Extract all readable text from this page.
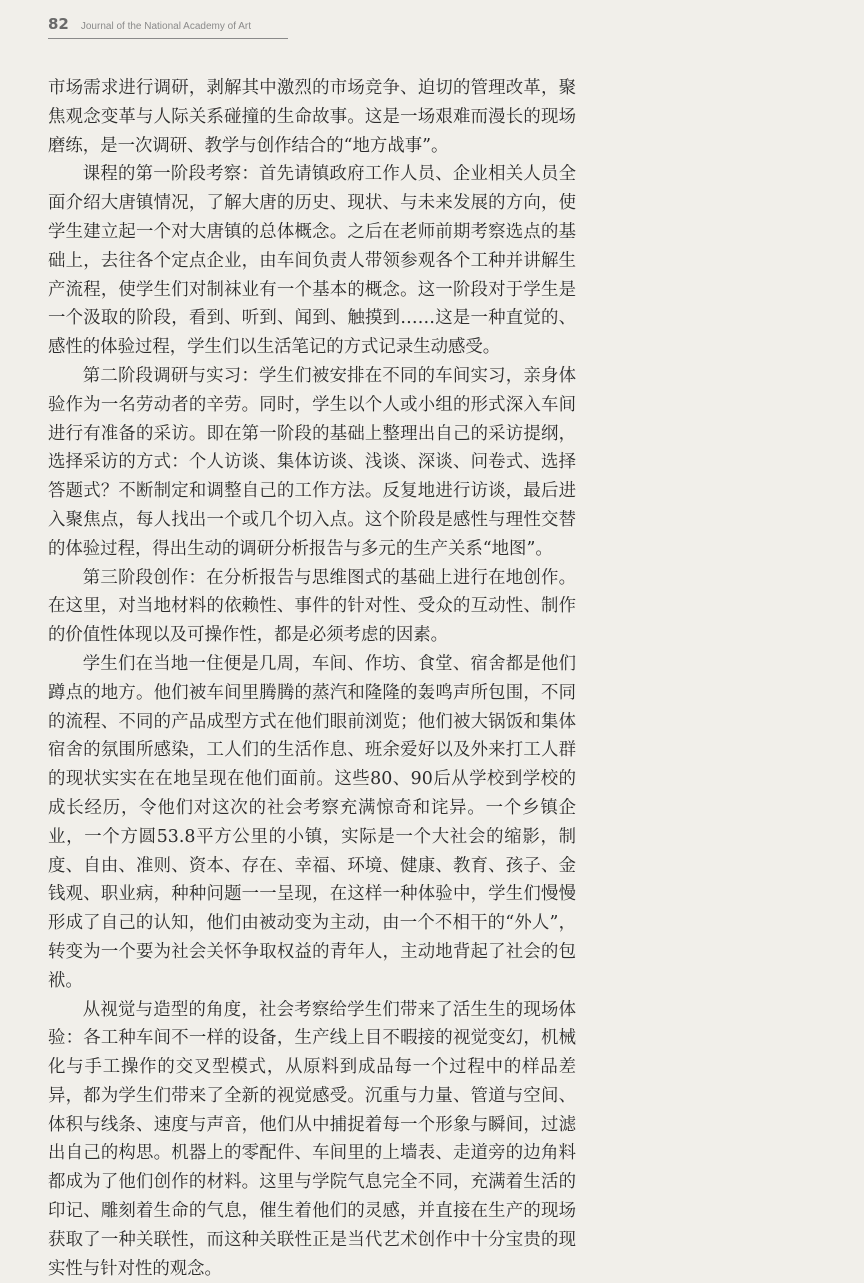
82 Journal of the National Academy of Art

市场需求进行调研，剥解其中激烈的市场竞争、迫切的管理改革，聚焦观念变革与人际关系碰撞的生命故事。这是一场艰难而漫长的现场磨练，是一次调研、教学与创作结合的“地方战事”。

课程的第一阶段考察：首先请镇政府工作人员、企业相关人员全面介绍大唐镇情况，了解大唐的历史、现状、与未来发展的方向，使学生建立起一个对大唐镇的总体概念。之后在老师前期考察选点的基础上，去往各个定点企业，由车间负责人带领参观各个工种并讲解生产流程，使学生们对制袜业有一个基本的概念。这一阶段对于学生是一个汲取的阶段，看到、听到、闻到、触摸到……这是一种直觉的、感性的体验过程，学生们以生活笔记的方式记录生动感受。

第二阶段调研与实习：学生们被安排在不同的车间实习，亲身体验作为一名劳动者的辛劳。同时，学生以个人或小组的形式深入车间进行有准备的采访。即在第一阶段的基础上整理出自己的采访提纲，选择采访的方式：个人访谈、集体访谈、浅谈、深谈、问卷式、选择答题式？不断制定和调整自己的工作方法。反复地进行访谈，最后进入聚焦点，每人找出一个或几个切入点。这个阶段是感性与理性交替的体验过程，得出生动的调研分析报告与多元的生产关系“地图”。

第三阶段创作：在分析报告与思维图式的基础上进行在地创作。在这里，对当地材料的依赖性、事件的针对性、受众的互动性、制作的价值性体现以及可操作性，都是必须考虑的因素。

学生们在当地一住便是几周，车间、作坊、食堂、宿舍都是他们蹲点的地方。他们被车间里腾腾的蒸汽和隆隆的轰鸣声所包围，不同的流程、不同的产品成型方式在他们眼前浏览；他们被大锅饭和集体宿舍的氛围所感染，工人们的生活作息、班余爱好以及外来打工人群的现状实实在在地呈现在他们面前。这些80、90后从学校到学校的成长经历，令他们对这次的社会考察充满惊奇和诧异。一个乡镇企业，一个方圆53.8平方公里的小镇，实际是一个大社会的缩影，制度、自由、准则、资本、存在、幸福、环境、健康、教育、孩子、金钱观、职业病，种种问题一一呈现，在这样一种体验中，学生们慢慢形成了自己的认知，他们由被动变为主动，由一个不相干的“外人”，转变为一个要为社会关怀争取权益的青年人，主动地背起了社会的包袱。

从视觉与造型的角度，社会考察给学生们带来了活生生的现场体验：各工种车间不一样的设备，生产线上目不暇接的视觉变幻，机械化与手工操作的交叉型模式，从原料到成品每一个过程中的样品差异，都为学生们带来了全新的视觉感受。沉重与力量、管道与空间、体积与线条、速度与声音，他们从中捕捉着每一个形象与瞬间，过滤出自己的构思。机器上的零配件、车间里的上墙表、走道旁的边角料都成为了他们创作的材料。这里与学院气息完全不同，充满着生活的印记、雕刻着生命的气息，催生着他们的灵感，并直接在生产的现场获取了一种关联性，而这种关联性正是当代艺术创作中十分宝贵的现实性与针对性的观念。
